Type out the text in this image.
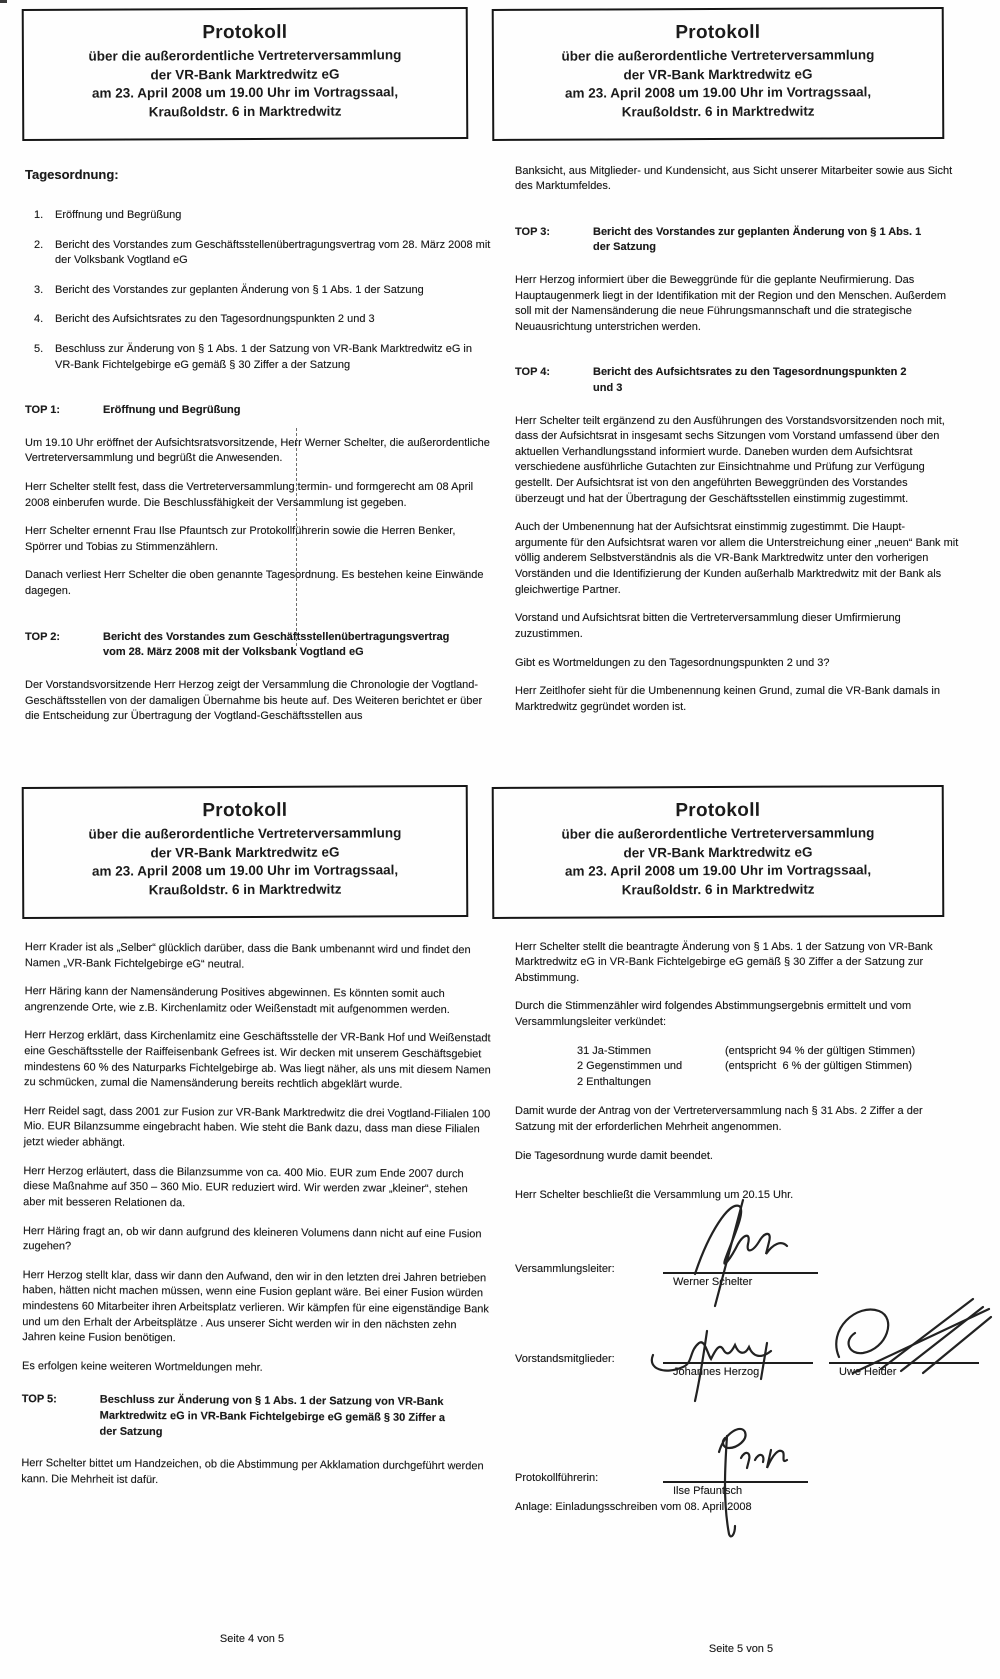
Protokoll
über die außerordentliche Vertreterversammlung
der VR-Bank Marktredwitz eG
am 23. April 2008 um 19.00 Uhr im Vortragssaal,
Kraußoldstr. 6 in Marktredwitz
Tagesordnung:
1.	Eröffnung und Begrüßung
2.	Bericht des Vorstandes zum Geschäftsstellenübertragungsvertrag vom 28. März 2008 mit der Volksbank Vogtland eG
3.	Bericht des Vorstandes zur geplanten Änderung von § 1 Abs. 1 der Satzung
4.	Bericht des Aufsichtsrates zu den Tagesordnungspunkten 2 und 3
5.	Beschluss zur Änderung von § 1 Abs. 1 der Satzung von VR-Bank Marktredwitz eG in VR-Bank Fichtelgebirge eG gemäß § 30 Ziffer a der Satzung
TOP 1:	Eröffnung und Begrüßung

Um 19.10 Uhr eröffnet der Aufsichtsratsvorsitzende, Herr Werner Schelter, die außerordentliche Vertreterversammlung und begrüßt die Anwesenden.

Herr Schelter stellt fest, dass die Vertreterversammlung termin- und formgerecht am 08 April 2008 einberufen wurde. Die Beschlussfähigkeit der Versammlung ist gegeben.

Herr Schelter ernennt Frau Ilse Pfauntsch zur Protokollführerin sowie die Herren Benker, Spörrer und Tobias zu Stimmenzählern.

Danach verliest Herr Schelter die oben genannte Tagesordnung. Es bestehen keine Einwände dagegen.

TOP 2:	Bericht des Vorstandes zum Geschäftsstellenübertragungsvertrag vom 28. März 2008 mit der Volksbank Vogtland eG

Der Vorstandsvorsitzende Herr Herzog zeigt der Versammlung die Chronologie der Vogtland-Geschäftsstellen von der damaligen Übernahme bis heute auf. Des Weiteren berichtet er über die Entscheidung zur Übertragung der Vogtland-Geschäftsstellen aus

Protokoll
über die außerordentliche Vertreterversammlung
der VR-Bank Marktredwitz eG
am 23. April 2008 um 19.00 Uhr im Vortragssaal,
Kraußoldstr. 6 in Marktredwitz

Banksicht, aus Mitglieder- und Kundensicht, aus Sicht unserer Mitarbeiter sowie aus Sicht des Marktumfeldes.

TOP 3:	Bericht des Vorstandes zur geplanten Änderung von § 1 Abs. 1 der Satzung

Herr Herzog informiert über die Beweggründe für die geplante Neufirmierung. Das Hauptaugenmerk liegt in der Identifikation mit der Region und den Menschen. Außerdem soll mit der Namensänderung die neue Führungsmannschaft und die strategische Neuausrichtung unterstrichen werden.

TOP 4:	Bericht des Aufsichtsrates zu den Tagesordnungspunkten 2 und 3

Herr Schelter teilt ergänzend zu den Ausführungen des Vorstandsvorsitzenden noch mit, dass der Aufsichtsrat in insgesamt sechs Sitzungen vom Vorstand umfassend über den aktuellen Verhandlungsstand informiert wurde. Daneben wurden dem Aufsichtsrat verschiedene ausführliche Gutachten zur Einsichtnahme und Prüfung zur Verfügung gestellt. Der Aufsichtsrat ist von den angeführten Beweggründen des Vorstandes überzeugt und hat der Übertragung der Geschäftsstellen einstimmig zugestimmt.

Auch der Umbenennung hat der Aufsichtsrat einstimmig zugestimmt. Die Haupt- argumente für den Aufsichtsrat waren vor allem die Unterstreichung einer „neuen“ Bank mit völlig anderem Selbstverständnis als die VR-Bank Marktredwitz unter den vorherigen Vorständen und die Identifizierung der Kunden außerhalb Marktredwitz mit der Bank als gleichwertige Partner.

Vorstand und Aufsichtsrat bitten die Vertreterversammlung dieser Umfirmierung zuzustimmen.

Gibt es Wortmeldungen zu den Tagesordnungspunkten 2 und 3?

Herr Zeitlhofer sieht für die Umbenennung keinen Grund, zumal die VR-Bank damals in Marktredwitz gegründet worden ist.

Protokoll
über die außerordentliche Vertreterversammlung
der VR-Bank Marktredwitz eG
am 23. April 2008 um 19.00 Uhr im Vortragssaal,
Kraußoldstr. 6 in Marktredwitz

Herr Krader ist als „Selber“ glücklich darüber, dass die Bank umbenannt wird und findet den Namen „VR-Bank Fichtelgebirge eG“ neutral.

Herr Häring kann der Namensänderung Positives abgewinnen. Es könnten somit auch angrenzende Orte, wie z.B. Kirchenlamitz oder Weißenstadt mit aufgenommen werden.

Herr Herzog erklärt, dass Kirchenlamitz eine Geschäftsstelle der VR-Bank Hof und Weißenstadt eine Geschäftsstelle der Raiffeisenbank Gefrees ist. Wir decken mit unserem Geschäftsgebiet mindestens 60 % des Naturparks Fichtelgebirge ab. Was liegt näher, als uns mit diesem Namen zu schmücken, zumal die Namensänderung bereits rechtlich abgeklärt wurde.

Herr Reidel sagt, dass 2001 zur Fusion zur VR-Bank Marktredwitz die drei Vogtland-Filialen 100 Mio. EUR Bilanzsumme eingebracht haben. Wie steht die Bank dazu, dass man diese Filialen jetzt wieder abhängt.

Herr Herzog erläutert, dass die Bilanzsumme von ca. 400 Mio. EUR zum Ende 2007 durch diese Maßnahme auf 350 – 360 Mio. EUR reduziert wird. Wir werden zwar „kleiner“, stehen aber mit besseren Relationen da.

Herr Häring fragt an, ob wir dann aufgrund des kleineren Volumens dann nicht auf eine Fusion zugehen?

Herr Herzog stellt klar, dass wir dann den Aufwand, den wir in den letzten drei Jahren betrieben haben, hätten nicht machen müssen, wenn eine Fusion geplant wäre. Bei einer Fusion würden mindestens 60 Mitarbeiter ihren Arbeitsplatz verlieren. Wir kämpfen für eine eigenständige Bank und um den Erhalt der Arbeitsplätze . Aus unserer Sicht werden wir in den nächsten zehn Jahren keine Fusion benötigen.

Es erfolgen keine weiteren Wortmeldungen mehr.

TOP 5:	Beschluss zur Änderung von § 1 Abs. 1 der Satzung von VR-Bank Marktredwitz eG in VR-Bank Fichtelgebirge eG gemäß § 30 Ziffer a der Satzung

Herr Schelter bittet um Handzeichen, ob die Abstimmung per Akklamation durchgeführt werden kann. Die Mehrheit ist dafür.

Seite 4 von 5
Protokoll
über die außerordentliche Vertreterversammlung
der VR-Bank Marktredwitz eG
am 23. April 2008 um 19.00 Uhr im Vortragssaal,
Kraußoldstr. 6 in Marktredwitz

Herr Schelter stellt die beantragte Änderung von § 1 Abs. 1 der Satzung von VR-Bank Marktredwitz eG in VR-Bank Fichtelgebirge eG gemäß § 30 Ziffer a der Satzung zur Abstimmung.

Durch die Stimmenzähler wird folgendes Abstimmungsergebnis ermittelt und vom Versammlungsleiter verkündet:

31 Ja-Stimmen	(entspricht 94 % der gültigen Stimmen)
2 Gegenstimmen und	(entspricht  6 % der gültigen Stimmen)
2 Enthaltungen

Damit wurde der Antrag von der Vertreterversammlung nach § 31 Abs. 2 Ziffer a der Satzung mit der erforderlichen Mehrheit angenommen.

Die Tagesordnung wurde damit beendet.

Herr Schelter beschließt die Versammlung um 20.15 Uhr.

Versammlungsleiter:
Werner Schelter
Vorstandsmitglieder:
Johannes Herzog	Uwe Heider
Protokollführerin:
Ilse Pfauntsch

Anlage: Einladungsschreiben vom 08. April 2008

Seite 5 von 5
